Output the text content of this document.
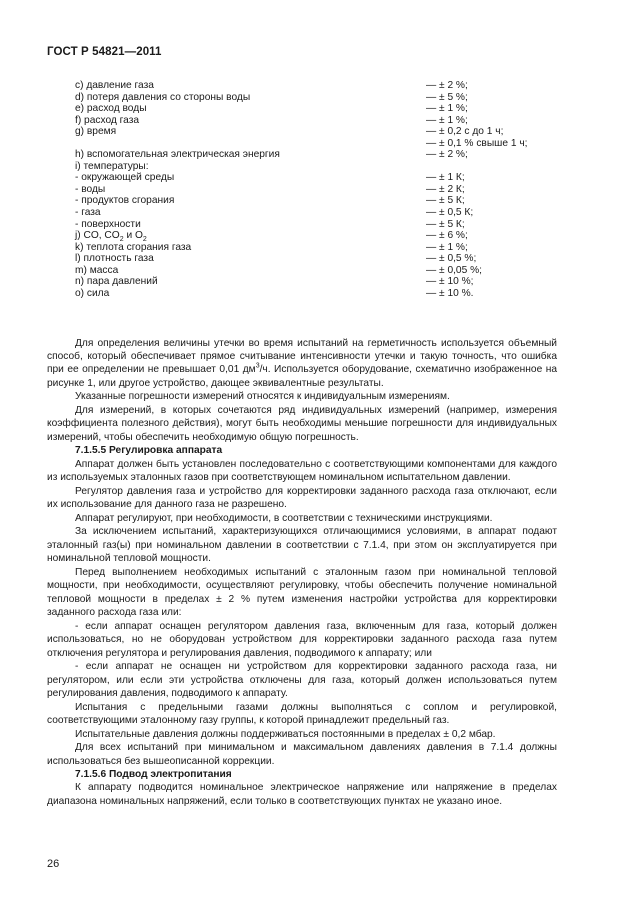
ГОСТ Р 54821—2011
c) давление газа	— ± 2 %;
d) потеря давления со стороны воды	— ± 5 %;
e) расход воды	— ± 1 %;
f) расход газа	— ± 1 %;
g) время	— ± 0,2 с до 1 ч;
— ± 0,1 % свыше 1 ч;
h) вспомогательная электрическая энергия	— ± 2 %;
i) температуры:
- окружающей среды	— ± 1 К;
- воды	— ± 2 К;
- продуктов сгорания	— ± 5 К;
- газа	— ± 0,5 К;
- поверхности	— ± 5 К;
j) CO, $CO_2$ и $O_2$	— ± 6 %;
k) теплота сгорания газа	— ± 1 %;
l) плотность газа	— ± 0,5 %;
m) масса	— ± 0,05 %;
n) пара давлений	— ± 10 %;
o) сила	— ± 10 %.

Для определения величины утечки во время испытаний на герметичность используется объемный способ, который обеспечивает прямое считывание интенсивности утечки и такую точность, что ошибка при ее определении не превышает 0,01 $дм^3/ч$. Используется оборудование, схематично изображенное на рисунке 1, или другое устройство, дающее эквивалентные результаты.

Указанные погрешности измерений относятся к индивидуальным измерениям.

Для измерений, в которых сочетаются ряд индивидуальных измерений (например, измерения коэффициента полезного действия), могут быть необходимы меньшие погрешности для индивидуальных измерений, чтобы обеспечить необходимую общую погрешность.

7.1.5.5 Регулировка аппарата

Аппарат должен быть установлен последовательно с соответствующими компонентами для каждого из используемых эталонных газов при соответствующем номинальном испытательном давлении.

Регулятор давления газа и устройство для корректировки заданного расхода газа отключают, если их использование для данного газа не разрешено.

Аппарат регулируют, при необходимости, в соответствии с техническими инструкциями.

За исключением испытаний, характеризующихся отличающимися условиями, в аппарат подают эталонный газ(ы) при номинальном давлении в соответствии с 7.1.4, при этом он эксплуатируется при номинальной тепловой мощности.

Перед выполнением необходимых испытаний с эталонным газом при номинальной тепловой мощности, при необходимости, осуществляют регулировку, чтобы обеспечить получение номинальной тепловой мощности в пределах ± 2 % путем изменения настройки устройства для корректировки заданного расхода газа или:

- если аппарат оснащен регулятором давления газа, включенным для газа, который должен использоваться, но не оборудован устройством для корректировки заданного расхода газа путем отключения регулятора и регулирования давления, подводимого к аппарату; или

- если аппарат не оснащен ни устройством для корректировки заданного расхода газа, ни регулятором, или если эти устройства отключены для газа, который должен использоваться путем регулирования давления, подводимого к аппарату.

Испытания с предельными газами должны выполняться с соплом и регулировкой, соответствующими эталонному газу группы, к которой принадлежит предельный газ.

Испытательные давления должны поддерживаться постоянными в пределах ± 0,2 мбар.

Для всех испытаний при минимальном и максимальном давлениях давления в 7.1.4 должны использоваться без вышеописанной коррекции.

7.1.5.6 Подвод электропитания

К аппарату подводится номинальное электрическое напряжение или напряжение в пределах диапазона номинальных напряжений, если только в соответствующих пунктах не указано иное.

26
